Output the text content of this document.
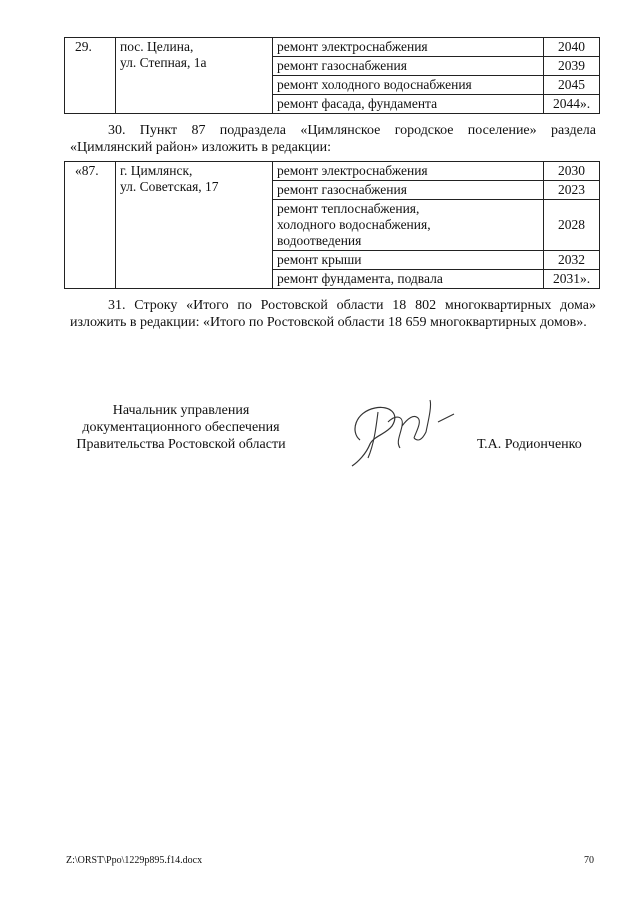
29.	пос. Целина,
ул. Степная, 1а	ремонт электроснабжения	2040
		ремонт газоснабжения	2039
		ремонт холодного водоснабжения	2045
		ремонт фасада, фундамента	2044».

30. Пункт 87 подраздела «Цимлянское городское поселение» раздела «Цимлянский район» изложить в редакции:

«87.	г. Цимлянск,
ул. Советская, 17	ремонт электроснабжения	2030

		ремонт газоснабжения	2023

		ремонт теплоснабжения,
холодного водоснабжения,
водоотведения	2028

		ремонт крыши	2032

		ремонт фундамента, подвала	2031».

31. Строку «Итого по Ростовской области 18 802 многоквартирных дома» изложить в редакции: «Итого по Ростовской области 18 659 многоквартирных домов».

Начальник управления
документационного обеспечения
Правительства Ростовской области	Т.А. Родионченко
Z:\ORST\Ppo\1229p895.f14.docx	70
